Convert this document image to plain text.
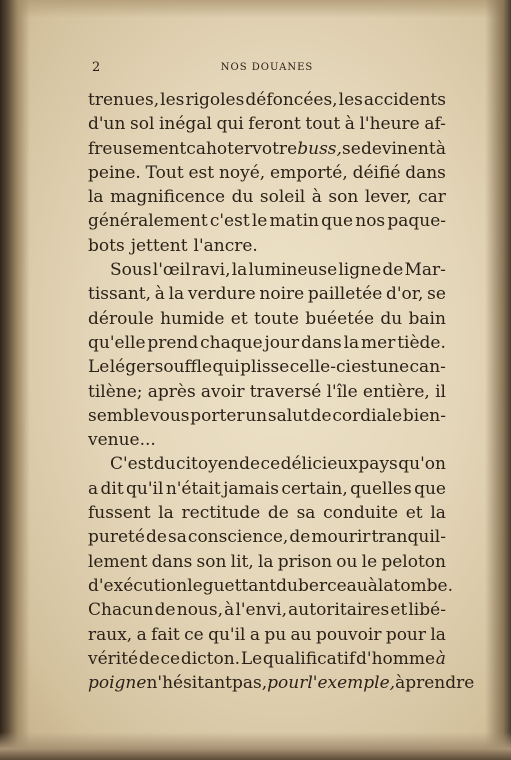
2	NOS DOUANES
trenues, les rigoles défoncées, les accidents
d'un sol inégal qui feront tout à l'heure af-
freusement cahoter votre buss, se devinent à
peine. Tout est noyé, emporté, déifié dans
la magnificence du soleil à son lever, car
généralement c'est le matin que nos paque-
bots jettent l'ancre.
Sous l'œil ravi, la lumineuse ligne de Mar-
tissant, à la verdure noire pailletée d'or, se
déroule humide et toute buéetée du bain
qu'elle prend chaque jour dans la mer tiède.
Le léger souffle qui plisse celle-ci est une can-
tilène; après avoir traversé l'île entière, il
semble vous porter un salut de cordiale bien-
venue...
C'est du citoyen de ce délicieux pays qu'on
a dit qu'il n'était jamais certain, quelles que
fussent la rectitude de sa conduite et la
pureté de sa conscience, de mourir tranquil-
lement dans son lit, la prison ou le peloton
d'exécution le guettant du berceau à la tombe.
Chacun de nous, à l'envi, autoritaires et libé-
raux, a fait ce qu'il a pu au pouvoir pour la
vérité de ce dicton. Le qualificatif d'homme à
poigne n'hésitant pas, pour l'exemple, à prendre
